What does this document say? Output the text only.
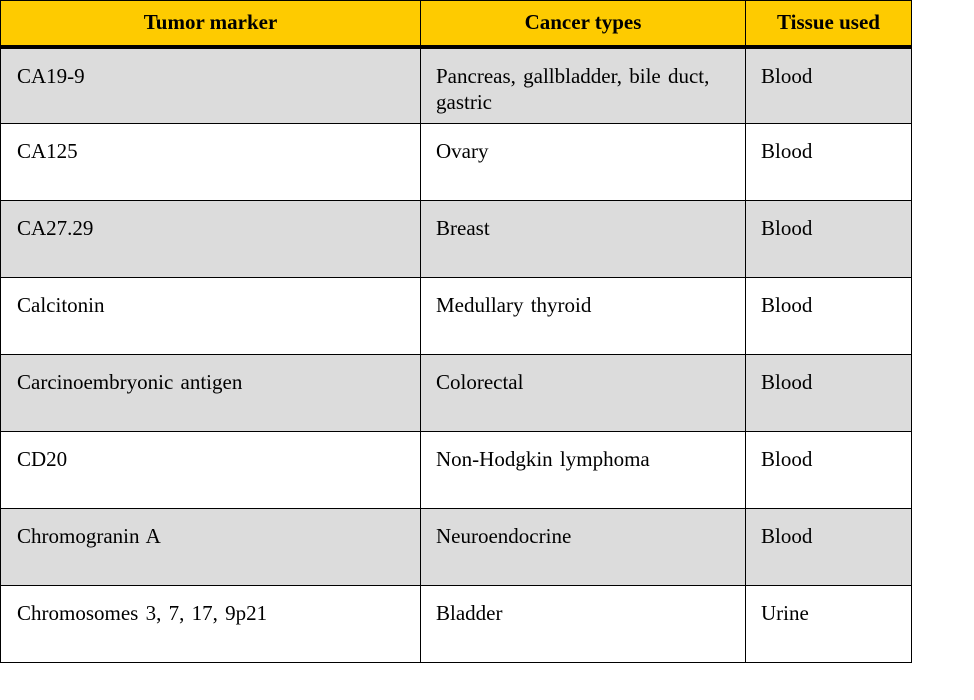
Tumor marker	Cancer types	Tissue used
CA19-9	Pancreas, gallbladder, bile duct, gastric	Blood
CA125	Ovary	Blood
CA27.29	Breast	Blood
Calcitonin	Medullary thyroid	Blood
Carcinoembryonic antigen	Colorectal	Blood
CD20	Non-Hodgkin lymphoma	Blood
Chromogranin A	Neuroendocrine	Blood
Chromosomes 3, 7, 17, 9p21	Bladder	Urine
